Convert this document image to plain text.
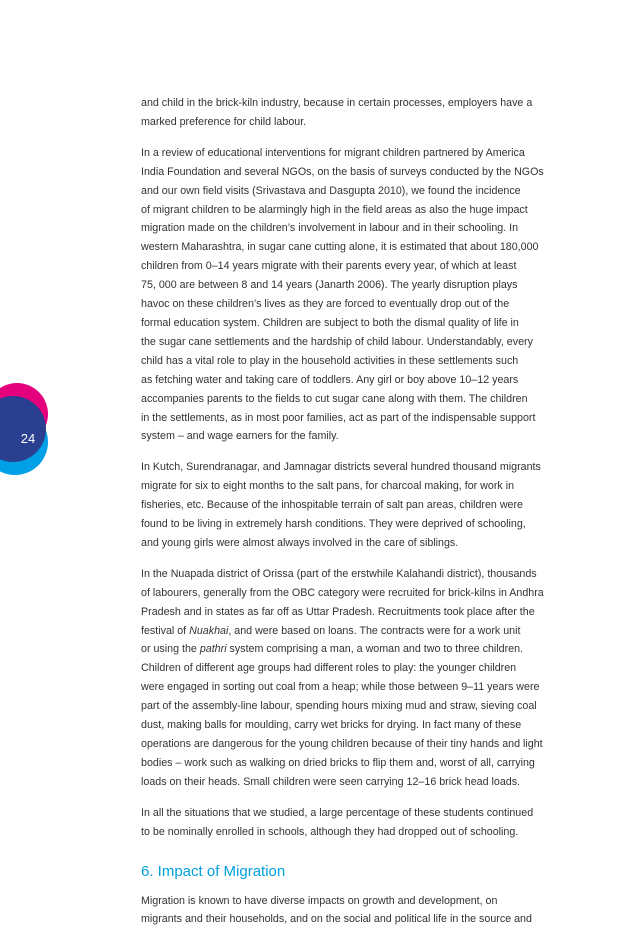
24

and child in the brick-kiln industry, because in certain processes, employers have a
marked preference for child labour.

In a review of educational interventions for migrant children partnered by America
India Foundation and several NGOs, on the basis of surveys conducted by the NGOs
and our own field visits (Srivastava and Dasgupta 2010), we found the incidence
of migrant children to be alarmingly high in the field areas as also the huge impact
migration made on the children’s involvement in labour and in their schooling. In
western Maharashtra, in sugar cane cutting alone, it is estimated that about 180,000
children from 0–14 years migrate with their parents every year, of which at least
75, 000 are between 8 and 14 years (Janarth 2006). The yearly disruption plays
havoc on these children’s lives as they are forced to eventually drop out of the
formal education system. Children are subject to both the dismal quality of life in
the sugar cane settlements and the hardship of child labour. Understandably, every
child has a vital role to play in the household activities in these settlements such
as fetching water and taking care of toddlers. Any girl or boy above 10–12 years
accompanies parents to the fields to cut sugar cane along with them. The children
in the settlements, as in most poor families, act as part of the indispensable support
system – and wage earners for the family.

In Kutch, Surendranagar, and Jamnagar districts several hundred thousand migrants
migrate for six to eight months to the salt pans, for charcoal making, for work in
fisheries, etc. Because of the inhospitable terrain of salt pan areas, children were
found to be living in extremely harsh conditions. They were deprived of schooling,
and young girls were almost always involved in the care of siblings.

In the Nuapada district of Orissa (part of the erstwhile Kalahandi district), thousands
of labourers, generally from the OBC category were recruited for brick-kilns in Andhra
Pradesh and in states as far off as Uttar Pradesh. Recruitments took place after the
festival of Nuakhai, and were based on loans. The contracts were for a work unit
or using the pathri system comprising a man, a woman and two to three children.
Children of different age groups had different roles to play: the younger children
were engaged in sorting out coal from a heap; while those between 9–11 years were
part of the assembly-line labour, spending hours mixing mud and straw, sieving coal
dust, making balls for moulding, carry wet bricks for drying. In fact many of these
operations are dangerous for the young children because of their tiny hands and light
bodies – work such as walking on dried bricks to flip them and, worst of all, carrying
loads on their heads. Small children were seen carrying 12–16 brick head loads.

In all the situations that we studied, a large percentage of these students continued
to be nominally enrolled in schools, although they had dropped out of schooling.

6. Impact of Migration

Migration is known to have diverse impacts on growth and development, on
migrants and their households, and on the social and political life in the source and
